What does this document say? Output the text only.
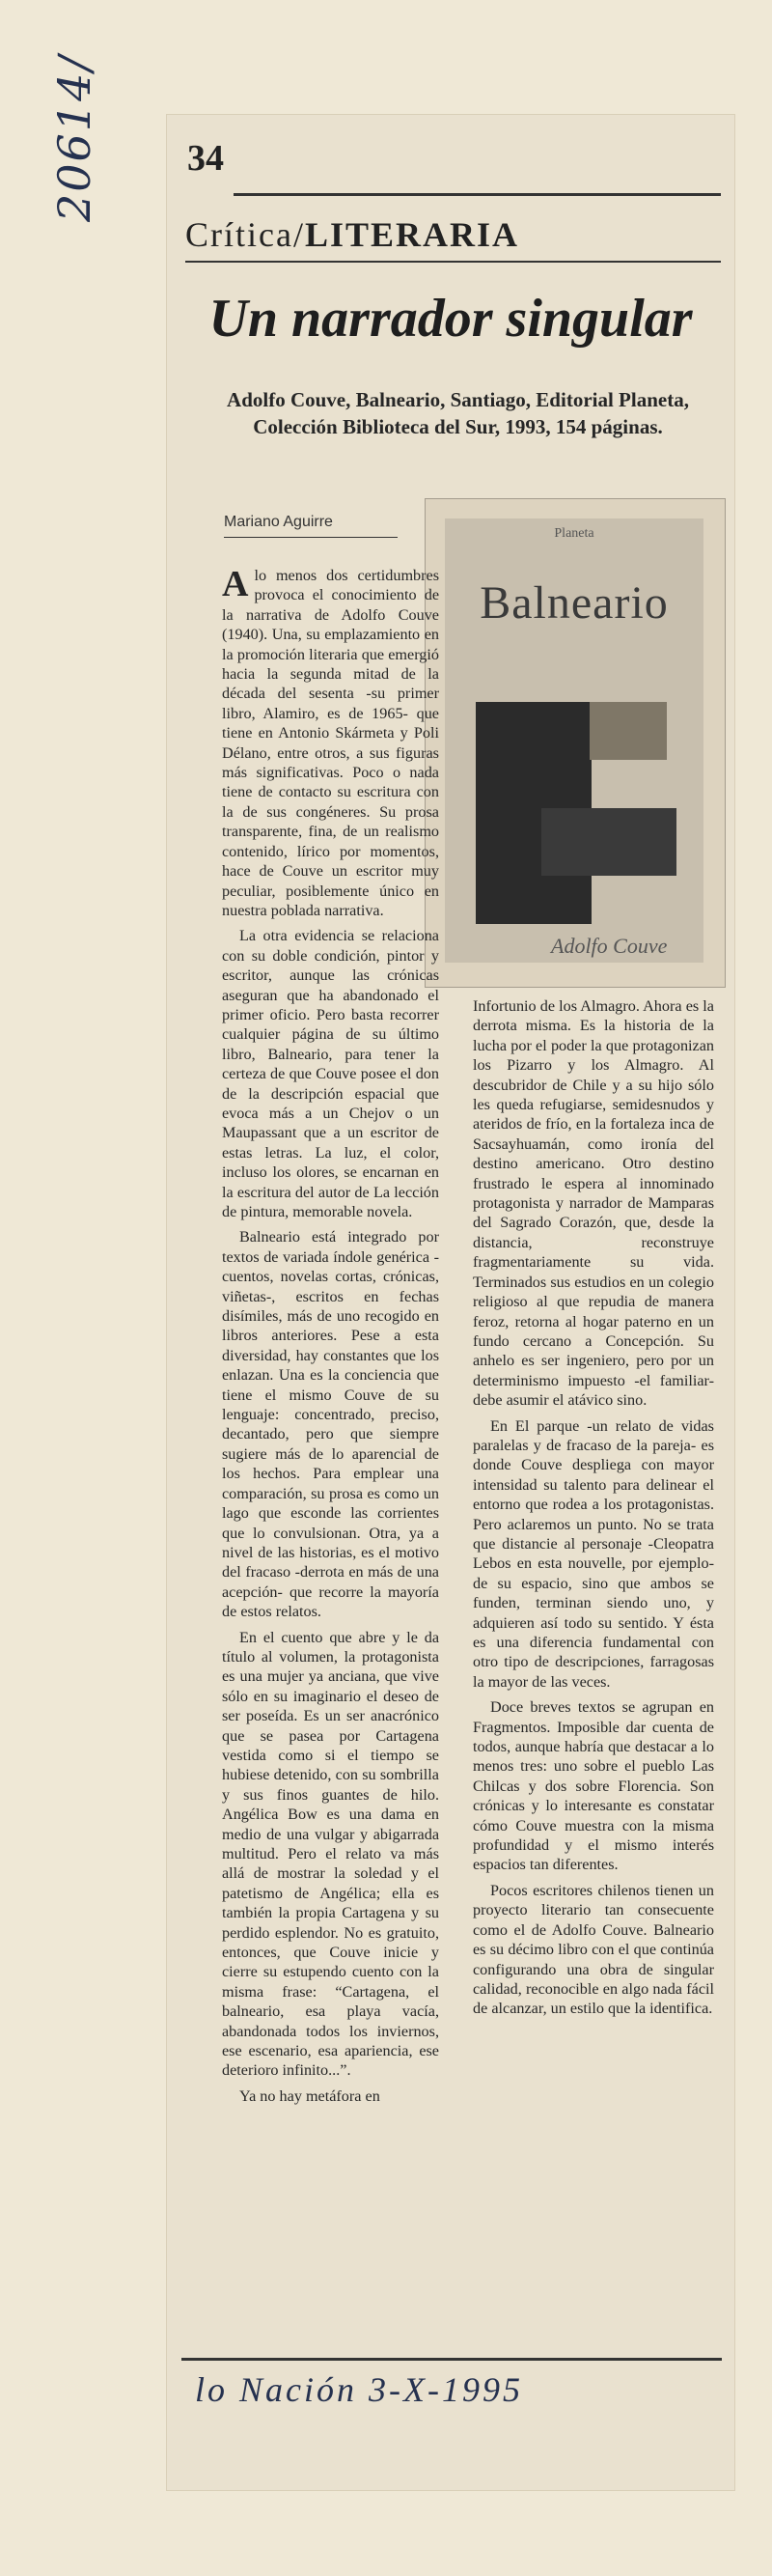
20614/ 34
Crítica/LITERARIA
Un narrador singular
Adolfo Couve, Balneario, Santiago, Editorial Planeta, Colección Biblioteca del Sur, 1993, 154 páginas.
Mariano Aguirre
Planeta
Balneario
Adolfo Couve

Alo menos dos certidumbres provoca el conocimiento de la narrativa de Adolfo Couve (1940). Una, su emplazamiento en la promoción literaria que emergió hacia la segunda mitad de la década del sesenta -su primer libro, Alamiro, es de 1965- que tiene en Antonio Skármeta y Poli Délano, entre otros, a sus figuras más significativas. Poco o nada tiene de contacto su escritura con la de sus congéneres. Su prosa transparente, fina, de un realismo contenido, lírico por momentos, hace de Couve un escritor muy peculiar, posiblemente único en nuestra poblada narrativa.

La otra evidencia se relaciona con su doble condición, pintor y escritor, aunque las crónicas aseguran que ha abandonado el primer oficio. Pero basta recorrer cualquier página de su último libro, Balneario, para tener la certeza de que Couve posee el don de la descripción espacial que evoca más a un Chejov o un Maupassant que a un escritor de estas letras. La luz, el color, incluso los olores, se encarnan en la escritura del autor de La lección de pintura, memorable novela.

Balneario está integrado por textos de variada índole genérica -cuentos, novelas cortas, crónicas, viñetas-, escritos en fechas disímiles, más de uno recogido en libros anteriores. Pese a esta diversidad, hay constantes que los enlazan. Una es la conciencia que tiene el mismo Couve de su lenguaje: concentrado, preciso, decantado, pero que siempre sugiere más de lo aparencial de los hechos. Para emplear una comparación, su prosa es como un lago que esconde las corrientes que lo convulsionan. Otra, ya a nivel de las historias, es el motivo del fracaso -derrota en más de una acepción- que recorre la mayoría de estos relatos.

En el cuento que abre y le da título al volumen, la protagonista es una mujer ya anciana, que vive sólo en su imaginario el deseo de ser poseída. Es un ser anacrónico que se pasea por Cartagena vestida como si el tiempo se hubiese detenido, con su sombrilla y sus finos guantes de hilo. Angélica Bow es una dama en medio de una vulgar y abigarrada multitud. Pero el relato va más allá de mostrar la soledad y el patetismo de Angélica; ella es también la propia Cartagena y su perdido esplendor. No es gratuito, entonces, que Couve inicie y cierre su estupendo cuento con la misma frase: “Cartagena, el balneario, esa playa vacía, abandonada todos los inviernos, ese escenario, esa apariencia, ese deterioro infinito...”.

Ya no hay metáfora en

Infortunio de los Almagro. Ahora es la derrota misma. Es la historia de la lucha por el poder la que protagonizan los Pizarro y los Almagro. Al descubridor de Chile y a su hijo sólo les queda refugiarse, semidesnudos y ateridos de frío, en la fortaleza inca de Sacsayhuamán, como ironía del destino americano. Otro destino frustrado le espera al innominado protagonista y narrador de Mamparas del Sagrado Corazón, que, desde la distancia, reconstruye fragmentariamente su vida. Terminados sus estudios en un colegio religioso al que repudia de manera feroz, retorna al hogar paterno en un fundo cercano a Concepción. Su anhelo es ser ingeniero, pero por un determinismo impuesto -el familiar- debe asumir el atávico sino.

En El parque -un relato de vidas paralelas y de fracaso de la pareja- es donde Couve despliega con mayor intensidad su talento para delinear el entorno que rodea a los protagonistas. Pero aclaremos un punto. No se trata que distancie al personaje -Cleopatra Lebos en esta nouvelle, por ejemplo- de su espacio, sino que ambos se funden, terminan siendo uno, y adquieren así todo su sentido. Y ésta es una diferencia fundamental con otro tipo de descripciones, farragosas la mayor de las veces.

Doce breves textos se agrupan en Fragmentos. Imposible dar cuenta de todos, aunque habría que destacar a lo menos tres: uno sobre el pueblo Las Chilcas y dos sobre Florencia. Son crónicas y lo interesante es constatar cómo Couve muestra con la misma profundidad y el mismo interés espacios tan diferentes.

Pocos escritores chilenos tienen un proyecto literario tan consecuente como el de Adolfo Couve. Balneario es su décimo libro con el que continúa configurando una obra de singular calidad, reconocible en algo nada fácil de alcanzar, un estilo que la identifica.

lo Nación 3-X-1995
